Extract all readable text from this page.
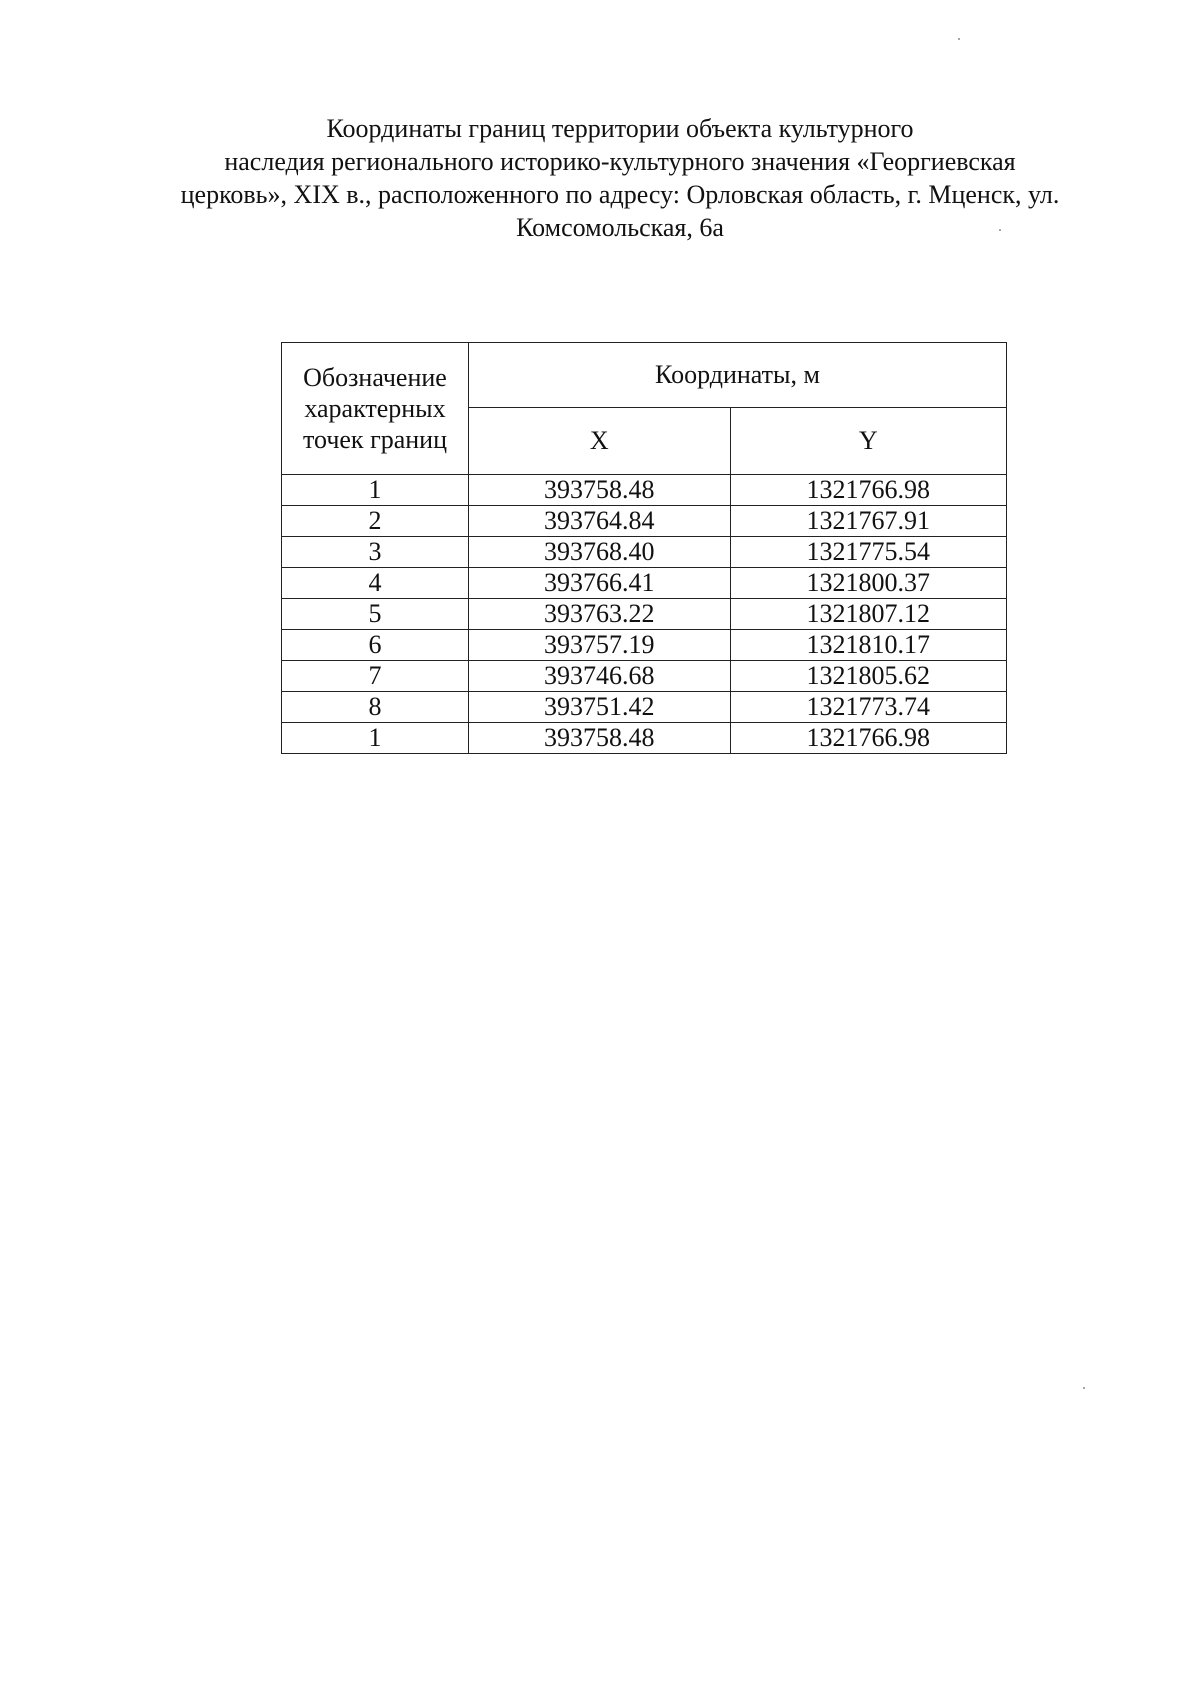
Координаты границ территории объекта культурного
наследия регионального историко-культурного значения «Георгиевская
церковь», XIX в., расположенного по адресу: Орловская область, г. Мценск, ул.
Комсомольская, 6а
Обозначение характерных точек границ	Координаты, м	
	X	Y
1	393758.48	1321766.98
2	393764.84	1321767.91
3	393768.40	1321775.54
4	393766.41	1321800.37
5	393763.22	1321807.12
6	393757.19	1321810.17
7	393746.68	1321805.62
8	393751.42	1321773.74
1	393758.48	1321766.98
